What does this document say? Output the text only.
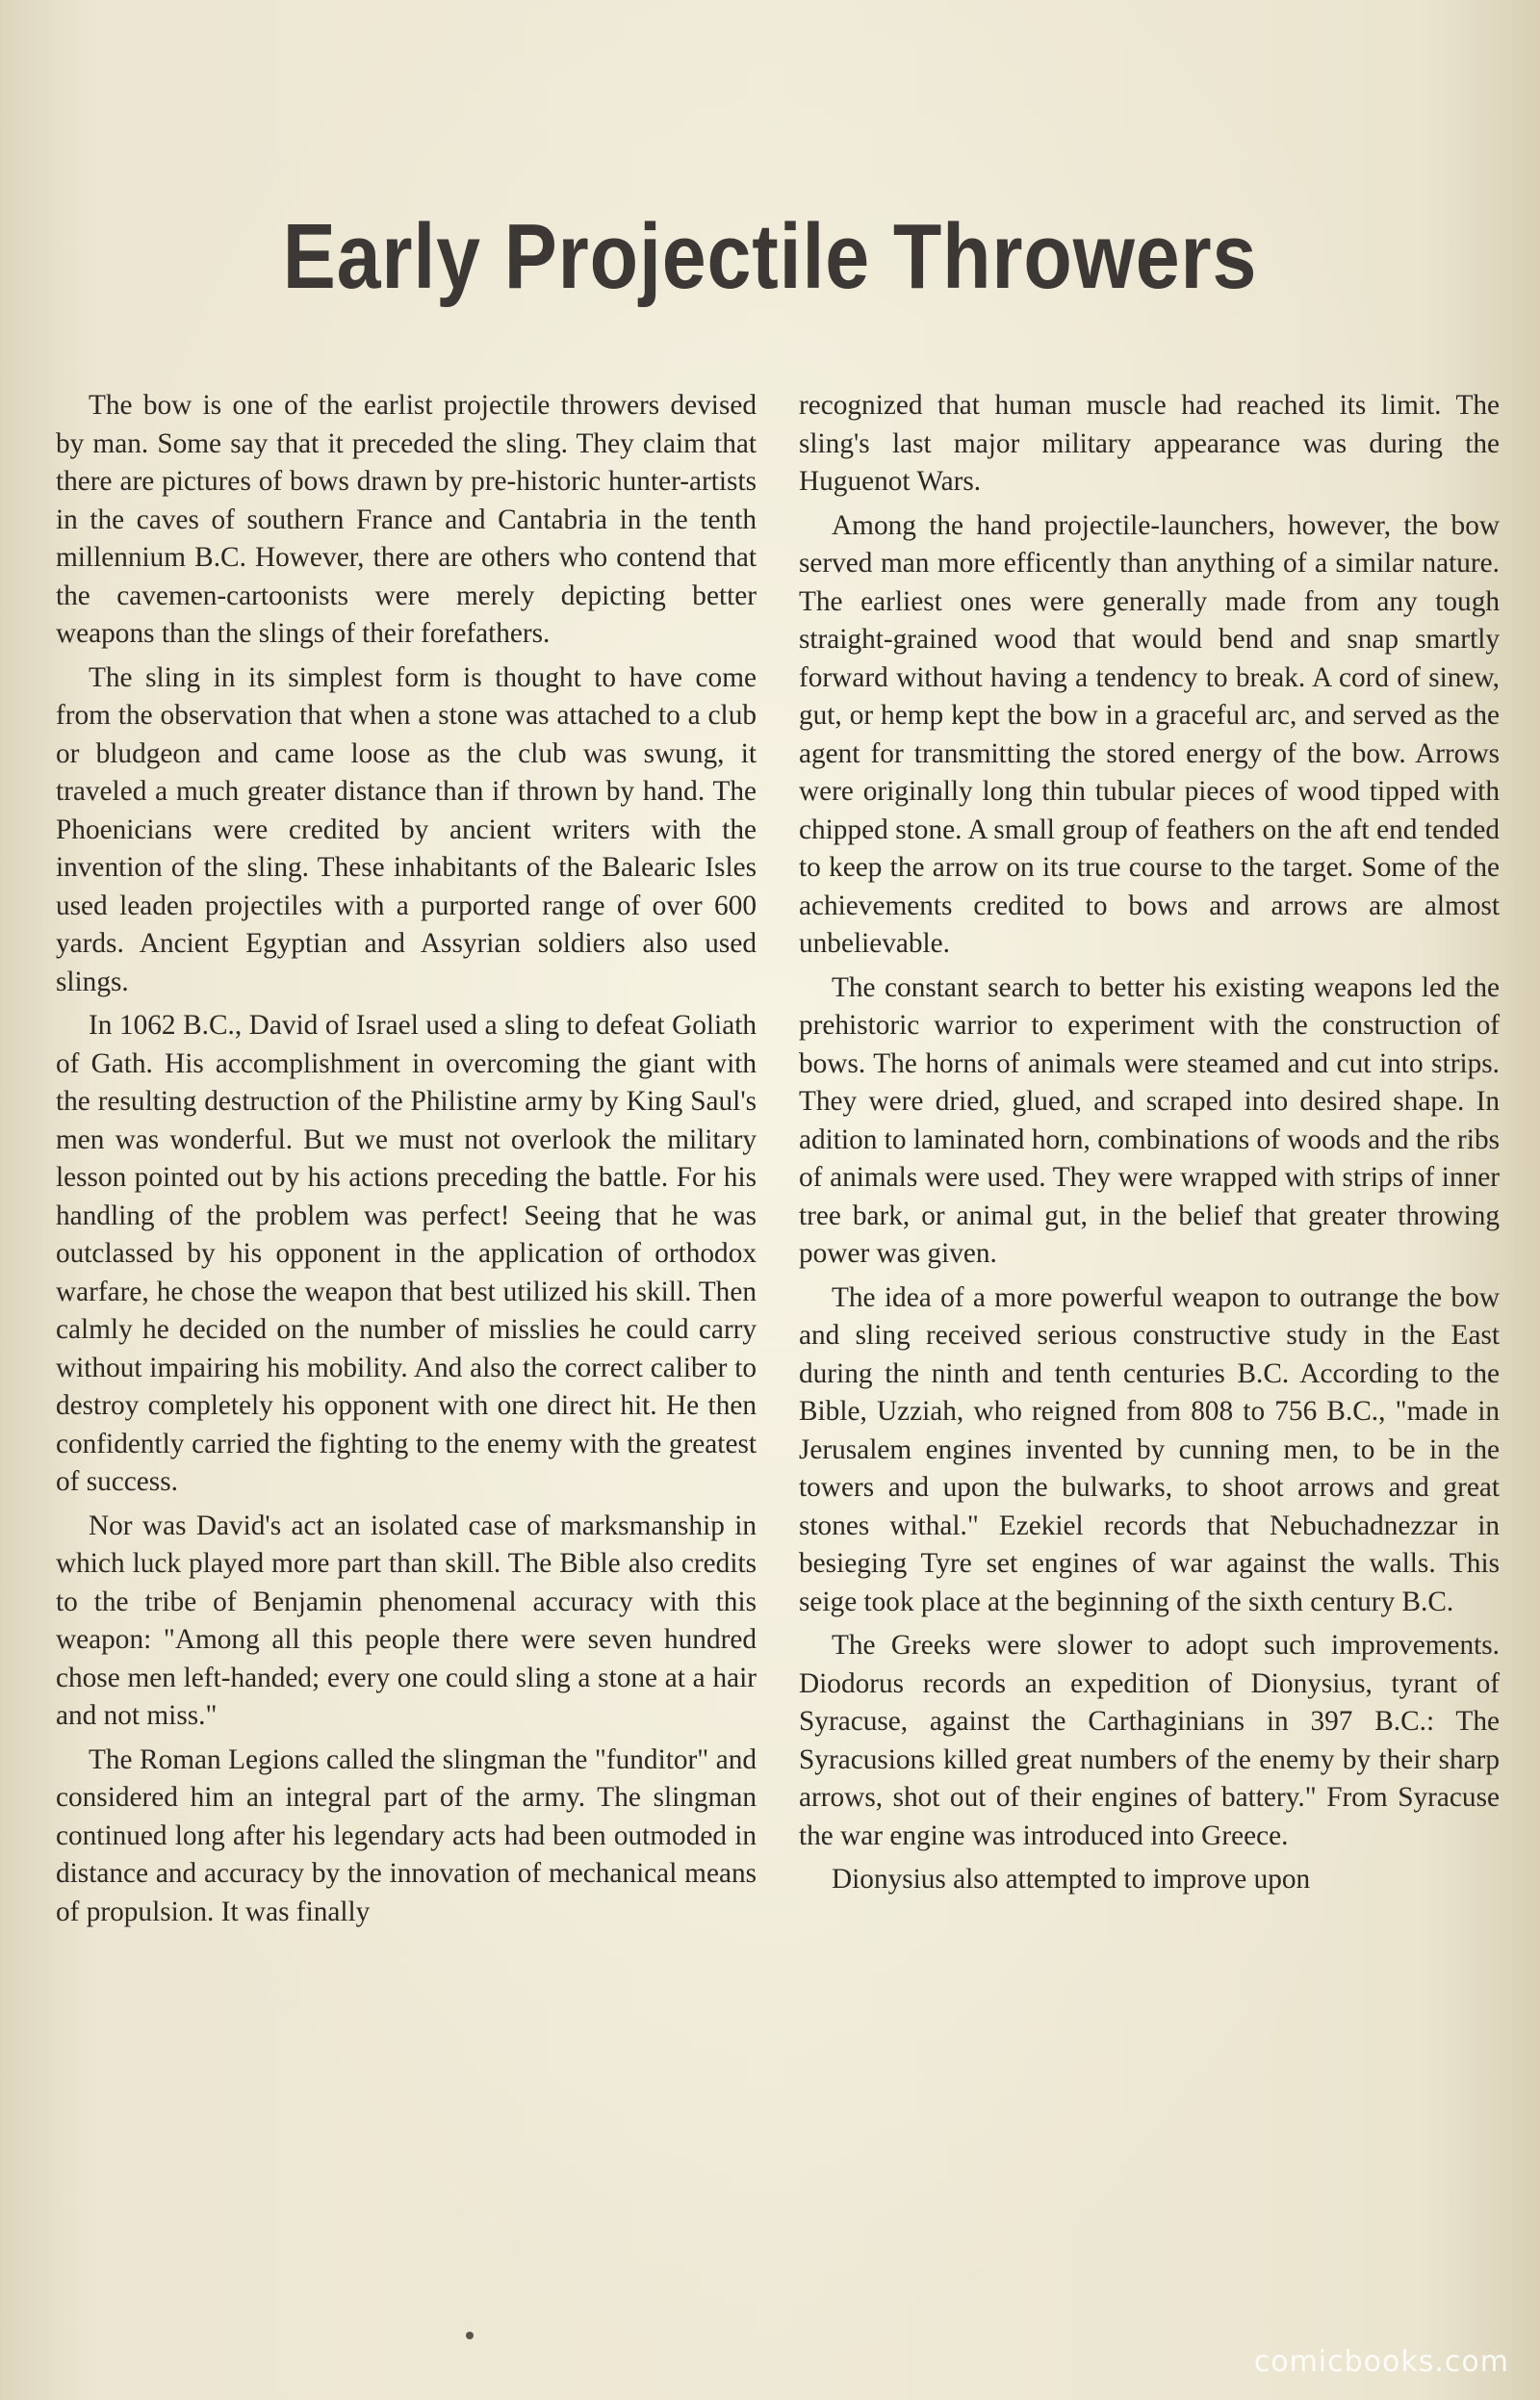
Early Projectile Throwers

The bow is one of the earlist projectile throwers devised by man. Some say that it preceded the sling. They claim that there are pictures of bows drawn by pre-historic hunter-artists in the caves of southern France and Cantabria in the tenth millennium B.C. However, there are others who contend that the cavemen-cartoonists were merely depicting better weapons than the slings of their forefathers.

The sling in its simplest form is thought to have come from the observation that when a stone was attached to a club or bludgeon and came loose as the club was swung, it traveled a much greater distance than if thrown by hand. The Phoenicians were credited by ancient writers with the invention of the sling. These inhabitants of the Balearic Isles used leaden projectiles with a purported range of over 600 yards. Ancient Egyptian and Assyrian soldiers also used slings.

In 1062 B.C., David of Israel used a sling to defeat Goliath of Gath. His accomplishment in overcoming the giant with the resulting destruction of the Philistine army by King Saul's men was wonderful. But we must not overlook the military lesson pointed out by his actions preceding the battle. For his handling of the problem was perfect! Seeing that he was outclassed by his opponent in the application of orthodox warfare, he chose the weapon that best utilized his skill. Then calmly he decided on the number of misslies he could carry without impairing his mobility. And also the correct caliber to destroy completely his opponent with one direct hit. He then confidently carried the fighting to the enemy with the greatest of success.

Nor was David's act an isolated case of marksmanship in which luck played more part than skill. The Bible also credits to the tribe of Benjamin phenomenal accuracy with this weapon: "Among all this people there were seven hundred chose men left-handed; every one could sling a stone at a hair and not miss."

The Roman Legions called the slingman the "funditor" and considered him an integral part of the army. The slingman continued long after his legendary acts had been outmoded in distance and accuracy by the innovation of mechanical means of propulsion. It was finally

recognized that human muscle had reached its limit. The sling's last major military appearance was during the Huguenot Wars.

Among the hand projectile-launchers, however, the bow served man more efficently than anything of a similar nature. The earliest ones were generally made from any tough straight-grained wood that would bend and snap smartly forward without having a tendency to break. A cord of sinew, gut, or hemp kept the bow in a graceful arc, and served as the agent for transmitting the stored energy of the bow. Arrows were originally long thin tubular pieces of wood tipped with chipped stone. A small group of feathers on the aft end tended to keep the arrow on its true course to the target. Some of the achievements credited to bows and arrows are almost unbelievable.

The constant search to better his existing weapons led the prehistoric warrior to experiment with the construction of bows. The horns of animals were steamed and cut into strips. They were dried, glued, and scraped into desired shape. In adition to laminated horn, combinations of woods and the ribs of animals were used. They were wrapped with strips of inner tree bark, or animal gut, in the belief that greater throwing power was given.

The idea of a more powerful weapon to outrange the bow and sling received serious constructive study in the East during the ninth and tenth centuries B.C. According to the Bible, Uzziah, who reigned from 808 to 756 B.C., "made in Jerusalem engines invented by cunning men, to be in the towers and upon the bulwarks, to shoot arrows and great stones withal." Ezekiel records that Nebuchadnezzar in besieging Tyre set engines of war against the walls. This seige took place at the beginning of the sixth century B.C.

The Greeks were slower to adopt such improvements. Diodorus records an expedition of Dionysius, tyrant of Syracuse, against the Carthaginians in 397 B.C.: The Syracusions killed great numbers of the enemy by their sharp arrows, shot out of their engines of battery." From Syracuse the war engine was introduced into Greece.

Dionysius also attempted to improve upon

comicbooks.com
